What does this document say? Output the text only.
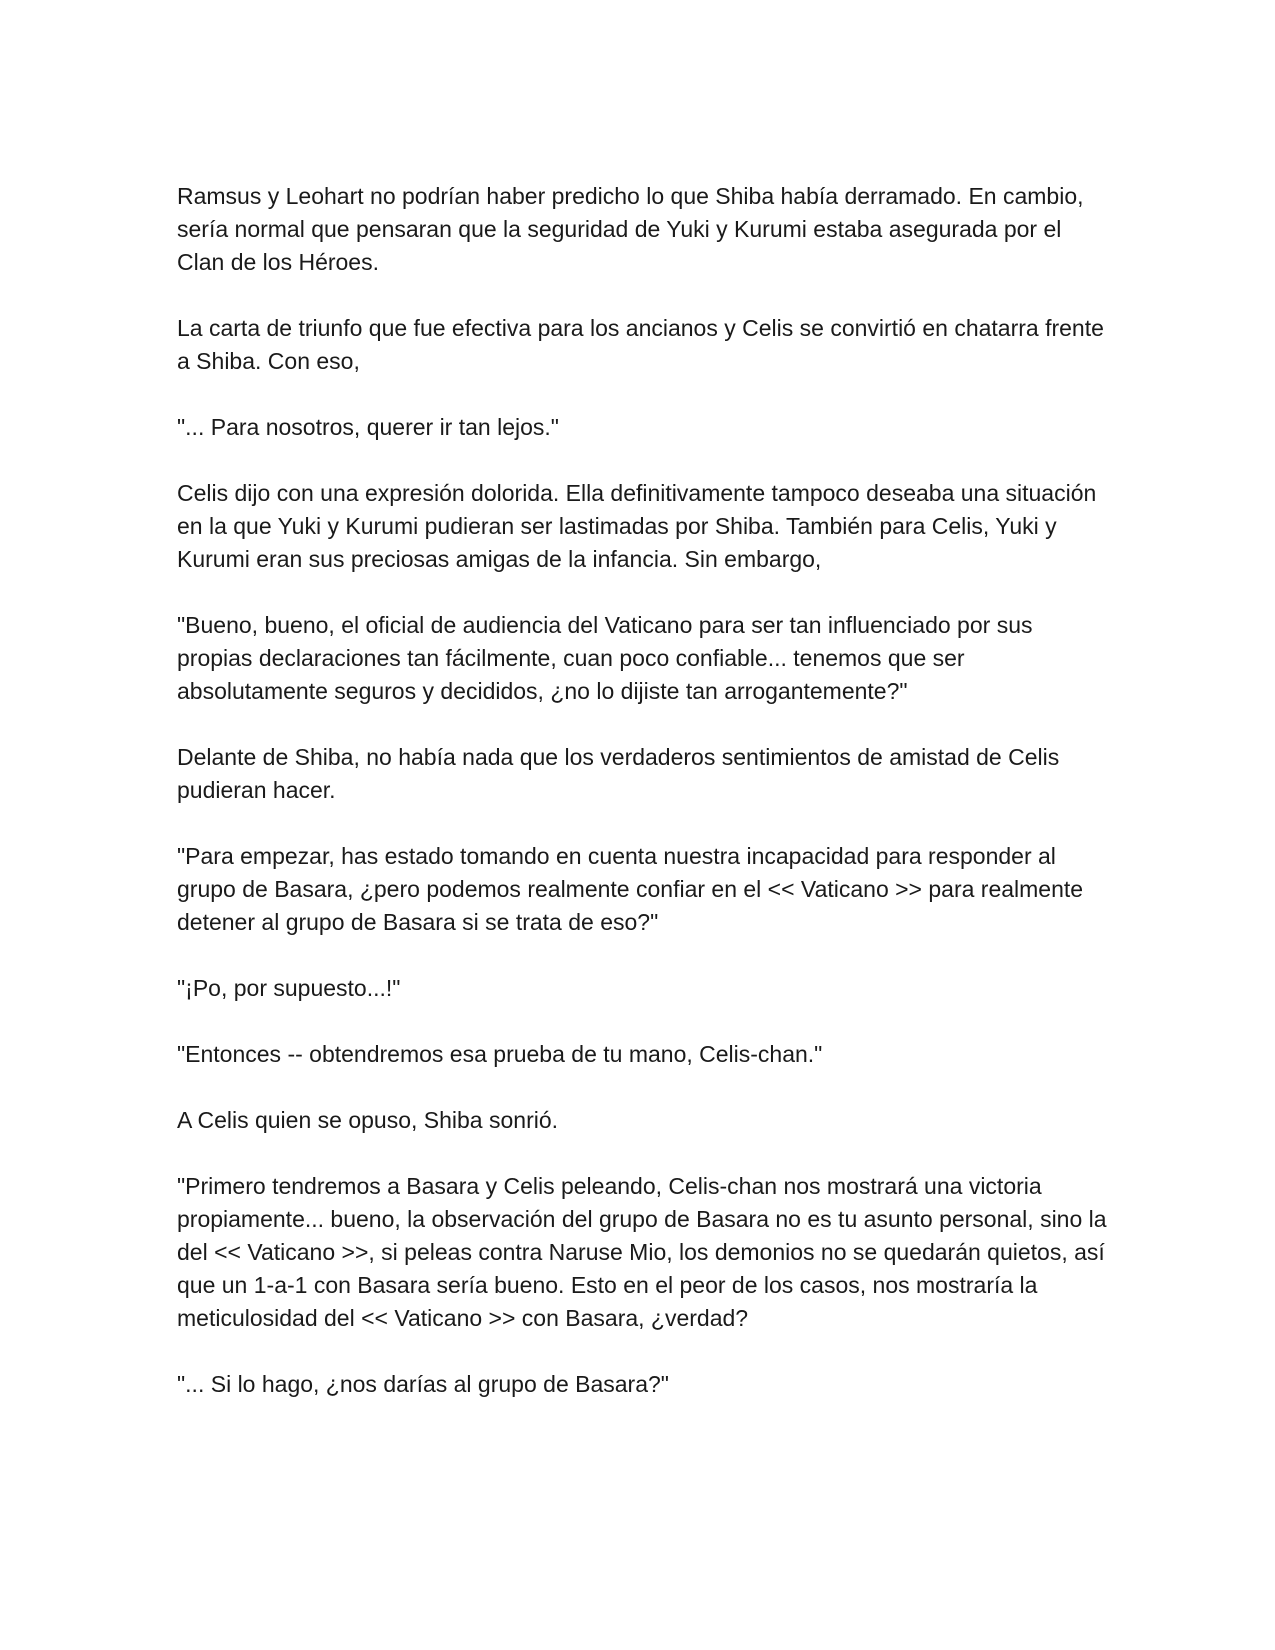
Ramsus y Leohart no podrían haber predicho lo que Shiba había derramado. En cambio, sería normal que pensaran que la seguridad de Yuki y Kurumi estaba asegurada por el Clan de los Héroes.

La carta de triunfo que fue efectiva para los ancianos y Celis se convirtió en chatarra frente a Shiba. Con eso,

"... Para nosotros, querer ir tan lejos."

Celis dijo con una expresión dolorida. Ella definitivamente tampoco deseaba una situación en la que Yuki y Kurumi pudieran ser lastimadas por Shiba. También para Celis, Yuki y Kurumi eran sus preciosas amigas de la infancia. Sin embargo,

"Bueno, bueno, el oficial de audiencia del Vaticano para ser tan influenciado por sus propias declaraciones tan fácilmente, cuan poco confiable... tenemos que ser absolutamente seguros y decididos, ¿no lo dijiste tan arrogantemente?"

Delante de Shiba, no había nada que los verdaderos sentimientos de amistad de Celis pudieran hacer.

"Para empezar, has estado tomando en cuenta nuestra incapacidad para responder al grupo de Basara, ¿pero podemos realmente confiar en el << Vaticano >> para realmente detener al grupo de Basara si se trata de eso?"

"¡Po, por supuesto...!"

"Entonces -- obtendremos esa prueba de tu mano, Celis-chan."

A Celis quien se opuso, Shiba sonrió.

"Primero tendremos a Basara y Celis peleando, Celis-chan nos mostrará una victoria propiamente... bueno, la observación del grupo de Basara no es tu asunto personal, sino la del << Vaticano >>, si peleas contra Naruse Mio, los demonios no se quedarán quietos, así que un 1-a-1 con Basara sería bueno. Esto en el peor de los casos, nos mostraría la meticulosidad del << Vaticano >> con Basara, ¿verdad?

"... Si lo hago, ¿nos darías al grupo de Basara?"
